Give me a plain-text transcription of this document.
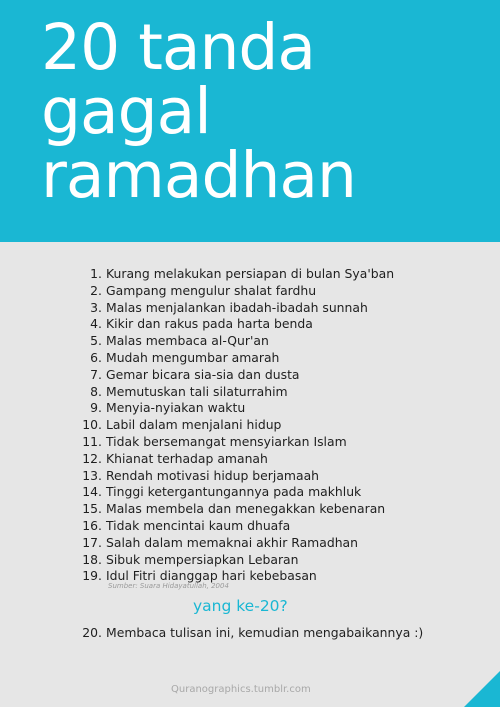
20 tanda
gagal
ramadhan
1. Kurang melakukan persiapan di bulan Sya'ban
2. Gampang mengulur shalat fardhu
3. Malas menjalankan ibadah-ibadah sunnah
4. Kikir dan rakus pada harta benda
5. Malas membaca al-Qur'an
6. Mudah mengumbar amarah
7. Gemar bicara sia-sia dan dusta
8. Memutuskan tali silaturrahim
9. Menyia-nyiakan waktu
10. Labil dalam menjalani hidup
11. Tidak bersemangat mensyiarkan Islam
12. Khianat terhadap amanah
13. Rendah motivasi hidup berjamaah
14. Tinggi ketergantungannya pada makhluk
15. Malas membela dan menegakkan kebenaran
16. Tidak mencintai kaum dhuafa
17. Salah dalam memaknai akhir Ramadhan
18. Sibuk mempersiapkan Lebaran
19. Idul Fitri dianggap hari kebebasan
Sumber: Suara Hidayatullah, 2004
yang ke-20?
20. Membaca tulisan ini, kemudian mengabaikannya :)
Quranographics.tumblr.com
